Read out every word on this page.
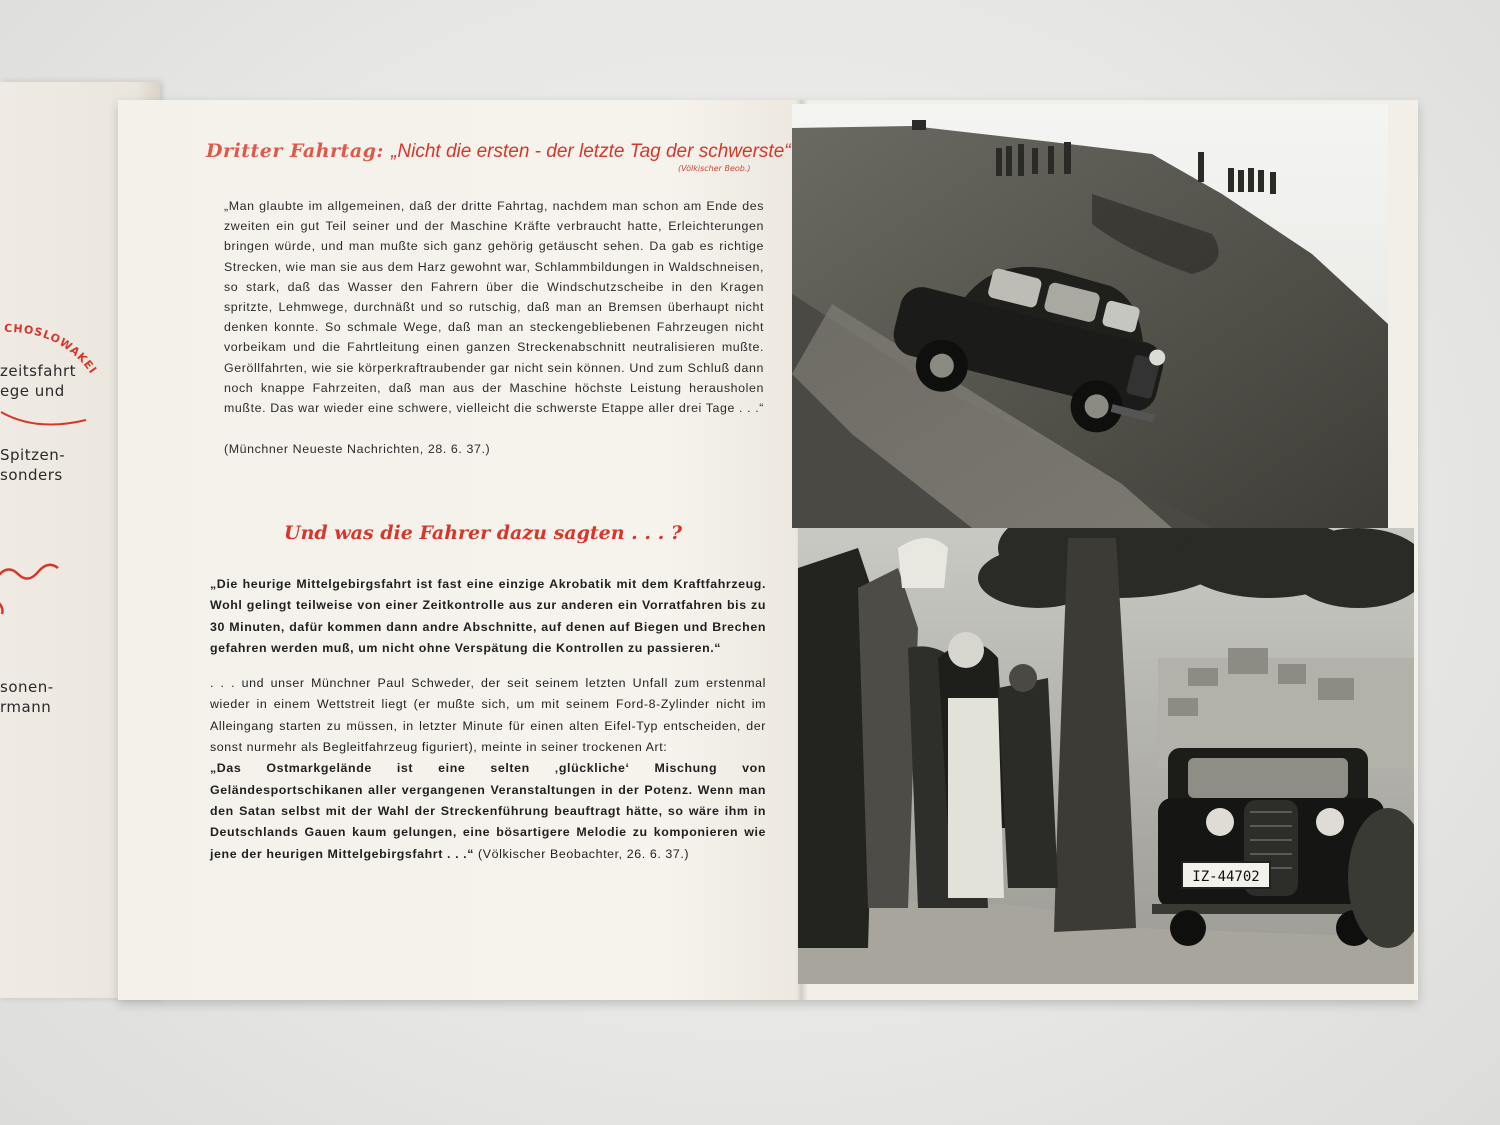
CHOSLOWAKEI
zeitsfahrt
ege und
Spitzen-
sonders
sonen-
rmann
Dritter Fahrtag: „Nicht die ersten - der letzte Tag der schwerste“
(Völkischer Beob.)
„Man glaubte im allgemeinen, daß der dritte Fahrtag, nachdem man schon am Ende des zweiten ein gut Teil seiner und der Maschine Kräfte verbraucht hatte, Erleichterungen bringen würde, und man mußte sich ganz gehörig getäuscht sehen. Da gab es richtige Strecken, wie man sie aus dem Harz gewohnt war, Schlammbildungen in Waldschneisen, so stark, daß das Wasser den Fahrern über die Windschutzscheibe in den Kragen spritzte, Lehmwege, durchnäßt und so rutschig, daß man an Bremsen überhaupt nicht denken konnte. So schmale Wege, daß man an steckengebliebenen Fahrzeugen nicht vorbeikam und die Fahrtleitung einen ganzen Streckenabschnitt neutralisieren mußte. Geröllfahrten, wie sie körperkraftraubender gar nicht sein können. Und zum Schluß dann noch knappe Fahrzeiten, daß man aus der Maschine höchste Leistung herausholen mußte. Das war wieder eine schwere, vielleicht die schwerste Etappe aller drei Tage . . .“
(Münchner Neueste Nachrichten, 28. 6. 37.)
Und was die Fahrer dazu sagten . . . ?

„Die heurige Mittelgebirgsfahrt ist fast eine einzige Akrobatik mit dem Kraftfahrzeug. Wohl gelingt teilweise von einer Zeitkontrolle aus zur anderen ein Vorratfahren bis zu 30 Minuten, dafür kommen dann andre Abschnitte, auf denen auf Biegen und Brechen gefahren werden muß, um nicht ohne Verspätung die Kontrollen zu passieren.“

. . . und unser Münchner Paul Schweder, der seit seinem letzten Unfall zum erstenmal wieder in einem Wettstreit liegt (er mußte sich, um mit seinem Ford-8-Zylinder nicht im Alleingang starten zu müssen, in letzter Minute für einen alten Eifel-Typ entscheiden, der sonst nurmehr als Begleitfahrzeug figuriert), meinte in seiner trockenen Art:

„Das Ostmarkgelände ist eine selten ‚glückliche‘ Mischung von Geländesportschikanen aller vergangenen Veranstaltungen in der Potenz. Wenn man den Satan selbst mit der Wahl der Streckenführung beauftragt hätte, so wäre ihm in Deutschlands Gauen kaum gelungen, eine bösartigere Melodie zu komponieren wie jene der heurigen Mittelgebirgsfahrt . . .“ (Völkischer Beobachter, 26. 6. 37.)

IZ-44702
